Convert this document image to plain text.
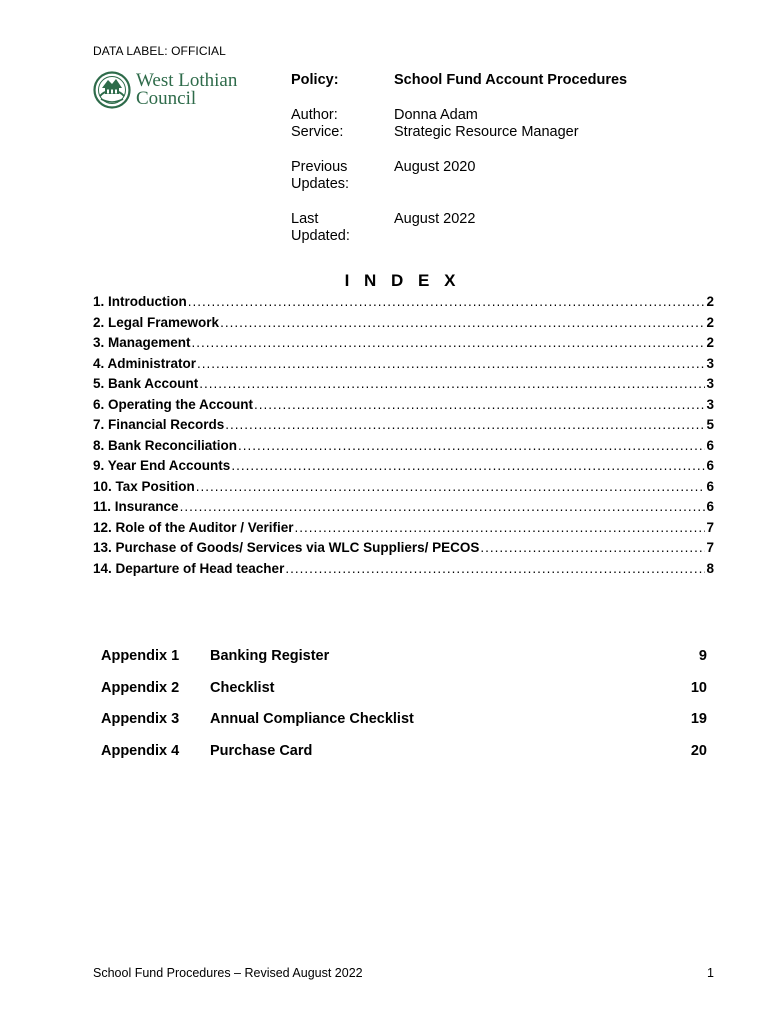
DATA LABEL: OFFICIAL
West Lothian
Council
Policy:	School Fund Account Procedures
Author:	Donna Adam
Service:	Strategic Resource Manager
Previous
Updates:
August 2020
Last
Updated:
August 2022
I N D E X
1. Introduction .....	2
2. Legal Framework .....	2
3. Management .....	2
4. Administrator .....	3
5. Bank Account .....	3
6. Operating the Account .....	3
7. Financial Records .....	5
8. Bank Reconciliation .....	6
9. Year End Accounts .....	6
10. Tax Position .....	6
11. Insurance .....	6
12. Role of the Auditor / Verifier .....	7
13. Purchase of Goods/ Services via WLC Suppliers/ PECOS .....	7
14. Departure of Head teacher .....	8
Appendix 1	Banking Register	9
Appendix 2	Checklist	10
Appendix 3	Annual Compliance Checklist	19
Appendix 4	Purchase Card	20
School Fund Procedures – Revised August 2022	1
